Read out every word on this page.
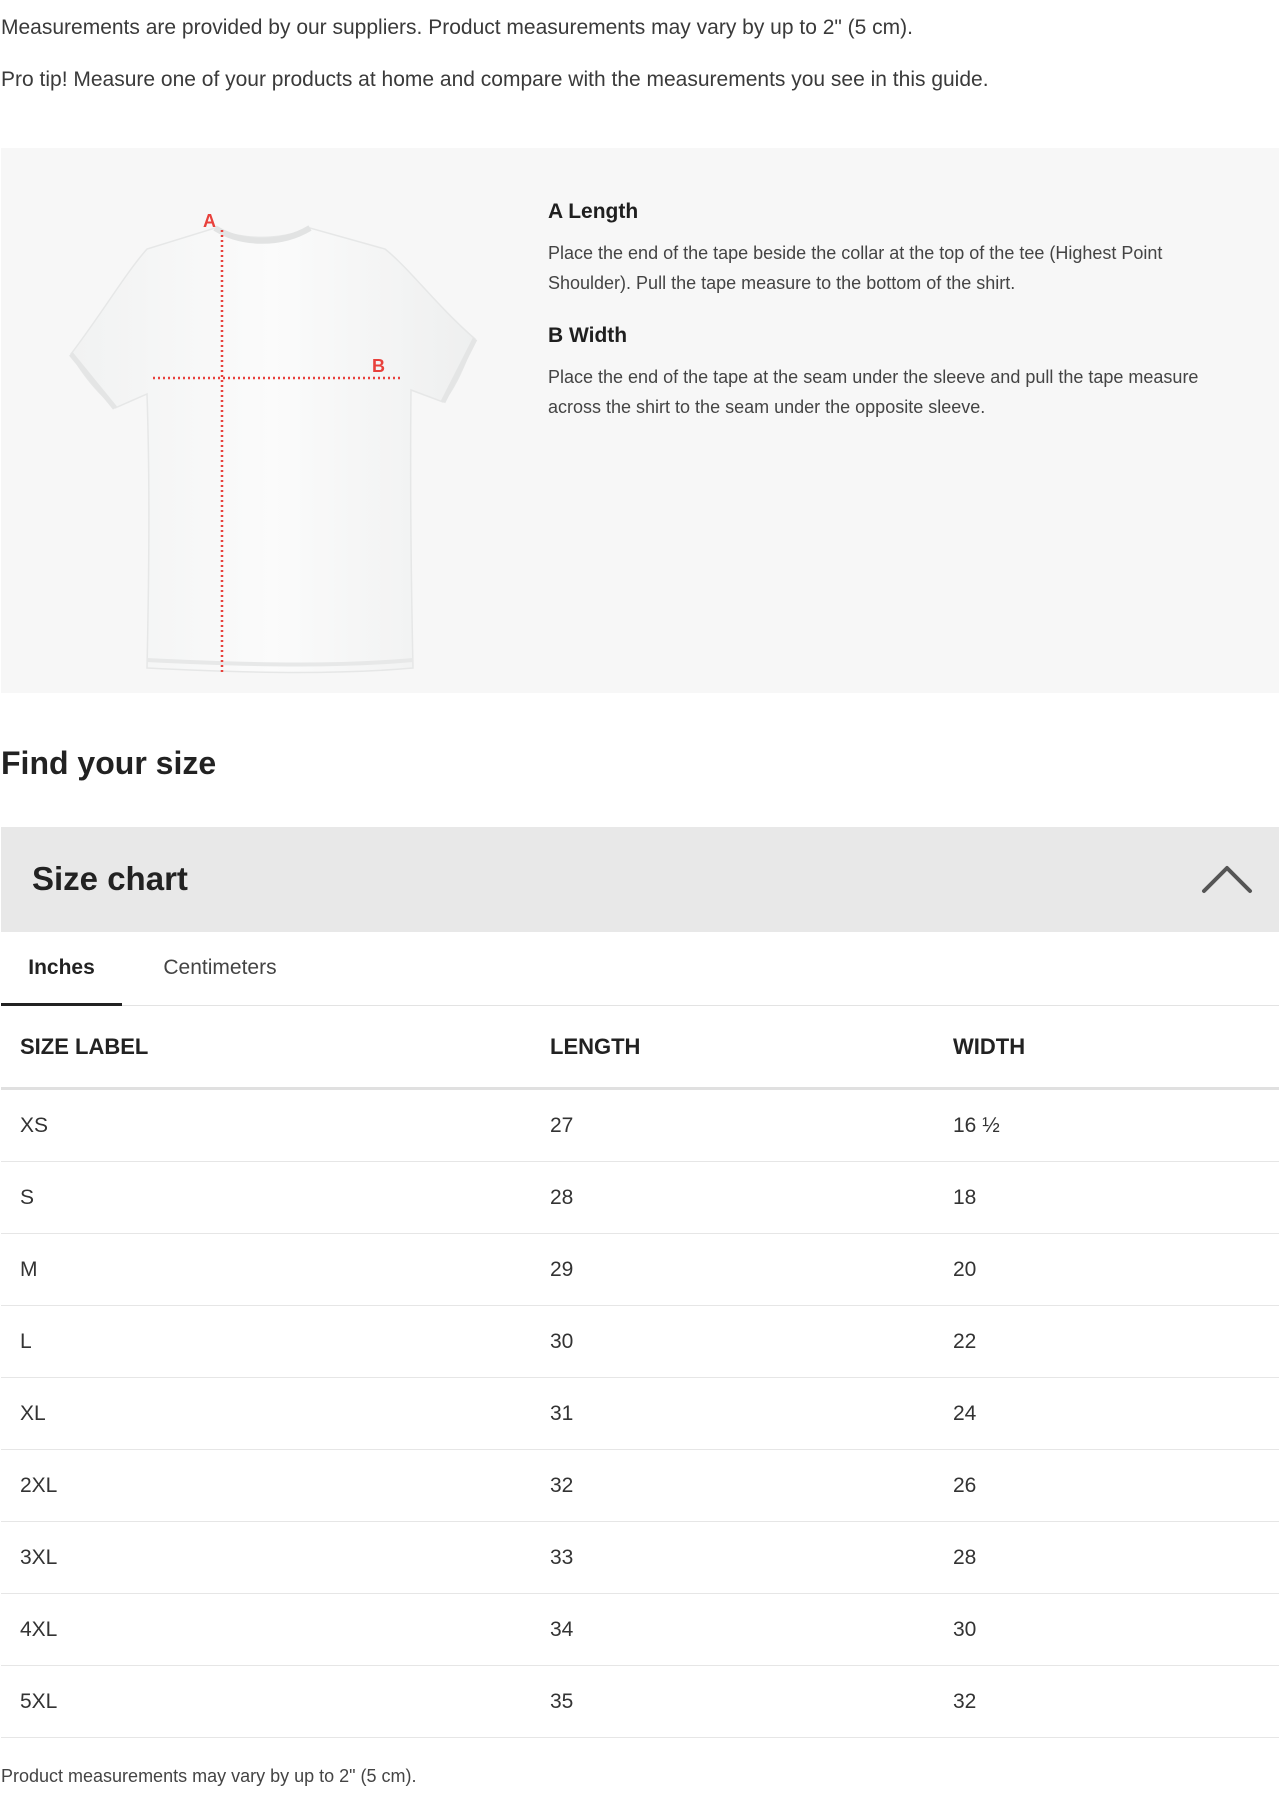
Measurements are provided by our suppliers. Product measurements may vary by up to 2" (5 cm).
Pro tip! Measure one of your products at home and compare with the measurements you see in this guide.
A
B
A Length
Place the end of the tape beside the collar at the top of the tee (Highest Point Shoulder). Pull the tape measure to the bottom of the shirt.
B Width
Place the end of the tape at the seam under the sleeve and pull the tape measure across the shirt to the seam under the opposite sleeve.
Find your size
Size chart
Inches	Centimeters
SIZE LABEL	LENGTH	WIDTH
XS	27	16 ½
S	28	18
M	29	20
L	30	22
XL	31	24
2XL	32	26
3XL	33	28
4XL	34	30
5XL	35	32
Product measurements may vary by up to 2" (5 cm).
